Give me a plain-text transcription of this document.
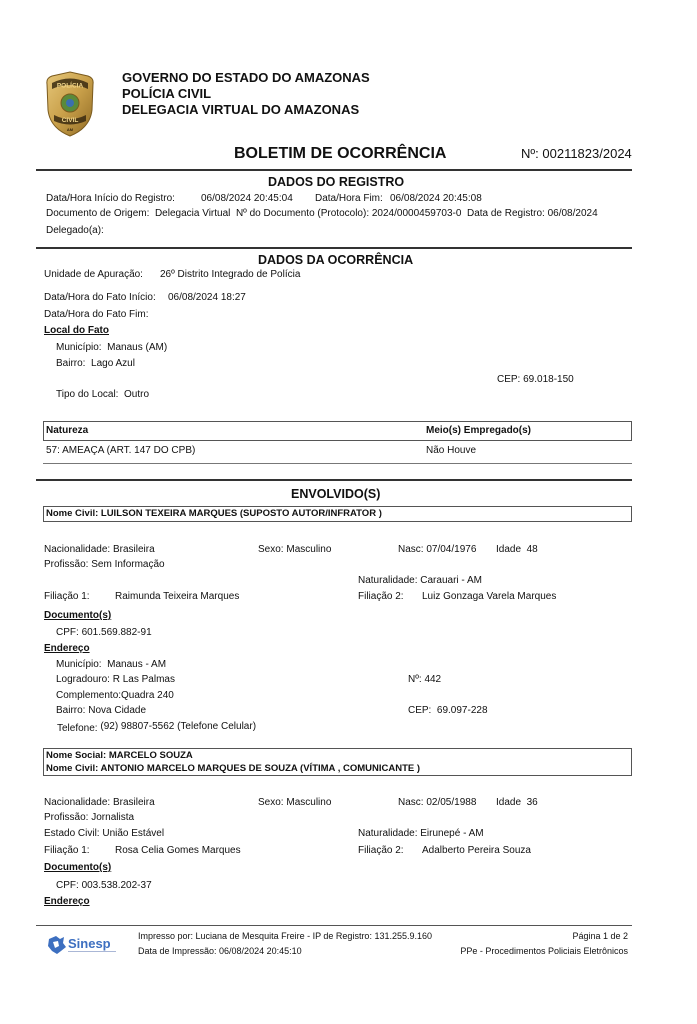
POLÍCIA
CIVIL
AM
GOVERNO DO ESTADO DO AMAZONAS
POLÍCIA CIVIL
DELEGACIA VIRTUAL DO AMAZONAS
BOLETIM DE OCORRÊNCIA	Nº: 00211823/2024
DADOS DO REGISTRO
Data/Hora Início do Registro:	06/08/2024 20:45:04 Data/Hora Fim: 06/08/2024 20:45:08
Documento de Origem: Delegacia Virtual Nº do Documento (Protocolo): 2024/0000459703-0 Data de Registro: 06/08/2024
Delegado(a):
DADOS DA OCORRÊNCIA
Unidade de Apuração: 26º Distrito Integrado de Polícia
Data/Hora do Fato Início: 06/08/2024 18:27
Data/Hora do Fato Fim:
Local do Fato
Município: Manaus (AM)
Bairro: Lago Azul
CEP: 69.018-150
Tipo do Local: Outro
Natureza	Meio(s) Empregado(s)
57: AMEAÇA (ART. 147 DO CPB)	Não Houve
ENVOLVIDO(S)
Nome Civil: LUILSON TEXEIRA MARQUES (SUPOSTO AUTOR/INFRATOR )
Nacionalidade: Brasileira	Sexo: Masculino	Nasc: 07/04/1976 Idade 48
Profissão: Sem Informação
Naturalidade: Carauari - AM
Filiação 1:	Raimunda Teixeira Marques	Filiação 2: Luiz Gonzaga Varela Marques
Documento(s)
CPF: 601.569.882-91
Endereço
Município: Manaus - AM
Logradouro: R Las Palmas	Nº: 442
Complemento:Quadra 240
Bairro: Nova Cidade	CEP: 69.097-228
Telefone: (92) 98807-5562 (Telefone Celular)
Nome Social: MARCELO SOUZA
Nome Civil: ANTONIO MARCELO MARQUES DE SOUZA (VÍTIMA , COMUNICANTE )
Nacionalidade: Brasileira	Sexo: Masculino	Nasc: 02/05/1988 Idade 36
Profissão: Jornalista
Estado Civil: União Estável	Naturalidade: Eirunepé - AM
Filiação 1:	Rosa Celia Gomes Marques	Filiação 2: Adalberto Pereira Souza
Documento(s)
CPF: 003.538.202-37
Endereço
Sinesp	Impresso por: Luciana de Mesquita Freire - IP de Registro: 131.255.9.160
Data de Impressão: 06/08/2024 20:45:10
Página 1 de 2
PPe - Procedimentos Policiais Eletrônicos
